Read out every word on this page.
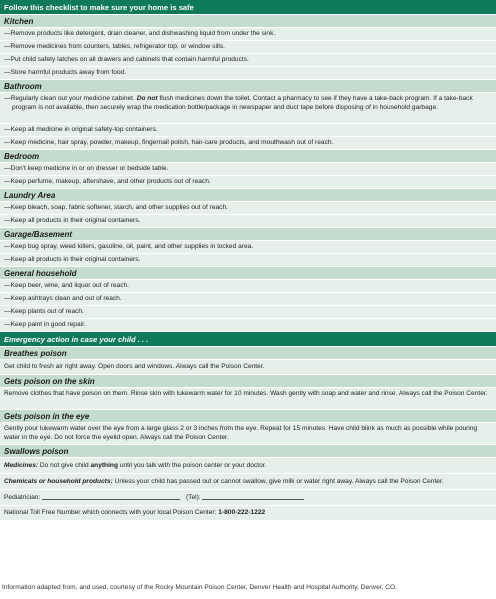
Follow this checklist to make sure your home is safe
Kitchen
—Remove products like detergent, drain cleaner, and dishwashing liquid from under the sink.
—Remove medicines from counters, tables, refrigerator top, or window sills.
—Put child safety latches on all drawers and cabinets that contain harmful products.
—Store harmful products away from food.
Bathroom
—Regularly clean out your medicine cabinet. Do not flush medicines down the toilet. Contact a pharmacy to see if they have a take-back program. If a take-back program is not available, then securely wrap the medication bottle/package in newspaper and duct tape before disposing of in household garbage.
—Keep all medicine in original safety-top containers.
—Keep medicine, hair spray, powder, makeup, fingernail polish, hair-care products, and mouthwash out of reach.
Bedroom
—Don't keep medicine in or on dresser or bedside table.
—Keep perfume, makeup, aftershave, and other products out of reach.
Laundry Area
—Keep bleach, soap, fabric softener, starch, and other supplies out of reach.
—Keep all products in their original containers.
Garage/Basement
—Keep bug spray, weed killers, gasoline, oil, paint, and other supplies in locked area.
—Keep all products in their original containers.
General household
—Keep beer, wine, and liquor out of reach.
—Keep ashtrays clean and out of reach.
—Keep plants out of reach.
—Keep paint in good repair.
Emergency action in case your child . . .
Breathes poison
Get child to fresh air right away. Open doors and windows. Always call the Poison Center.
Gets poison on the skin
Remove clothes that have poison on them. Rinse skin with lukewarm water for 10 minutes. Wash gently with soap and water and rinse. Always call the Poison Center.
Gets poison in the eye
Gently pour lukewarm water over the eye from a large glass 2 or 3 inches from the eye. Repeat for 15 minutes. Have child blink as much as possible while pouring water in the eye. Do not force the eyelid open. Always call the Poison Center.
Swallows poison
Medicines: Do not give child anything until you talk with the poison center or your doctor.
Chemicals or household products: Unless your child has passed out or cannot swallow, give milk or water right away. Always call the Poison Center.
Pediatrician:	(Tel):
National Toll Free Number which connects with your local Poison Center: 1-800-222-1222
Information adapted from, and used, courtesy of the Rocky Mountain Poison Center, Denver Health and Hospital Authority, Denver, CO.
